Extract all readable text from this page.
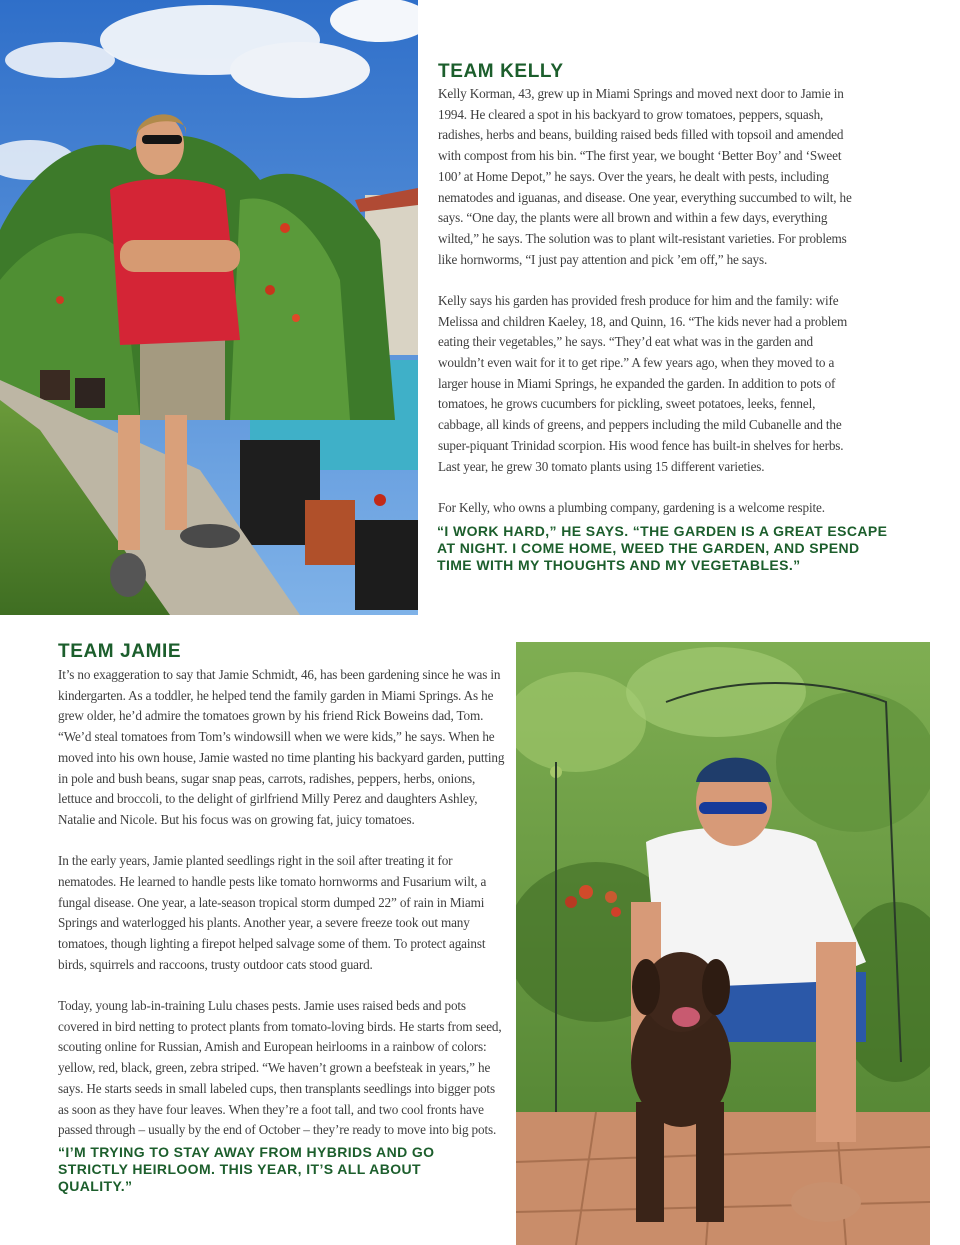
TEAM KELLY

Kelly Korman, 43, grew up in Miami Springs and moved next door to Jamie in 1994. He cleared a spot in his backyard to grow tomatoes, peppers, squash, radishes, herbs and beans, building raised beds filled with topsoil and amended with compost from his bin. “The first year, we bought ‘Better Boy’ and ‘Sweet 100’ at Home Depot,” he says. Over the years, he dealt with pests, including nematodes and iguanas, and disease. One year, everything succumbed to wilt, he says. “One day, the plants were all brown and within a few days, everything wilted,” he says. The solution was to plant wilt-resistant varieties. For problems like hornworms, “I just pay attention and pick ’em off,” he says.

Kelly says his garden has provided fresh produce for him and the family: wife Melissa and children Kaeley, 18, and Quinn, 16. “The kids never had a problem eating their vegetables,” he says. “They’d eat what was in the garden and wouldn’t even wait for it to get ripe.” A few years ago, when they moved to a larger house in Miami Springs, he expanded the garden. In addition to pots of tomatoes, he grows cucumbers for pickling, sweet potatoes, leeks, fennel, cabbage, all kinds of greens, and peppers including the mild Cubanelle and the super-piquant Trinidad scorpion. His wood fence has built-in shelves for herbs. Last year, he grew 30 tomato plants using 15 different varieties.

For Kelly, who owns a plumbing company, gardening is a welcome respite.

“I WORK HARD,” HE SAYS. “THE GARDEN IS A GREAT ESCAPE AT NIGHT. I COME HOME, WEED THE GARDEN, AND SPEND TIME WITH MY THOUGHTS AND MY VEGETABLES.”

TEAM JAMIE

It’s no exaggeration to say that Jamie Schmidt, 46, has been gardening since he was in kindergarten. As a toddler, he helped tend the family garden in Miami Springs. As he grew older, he’d admire the tomatoes grown by his friend Rick Boweins dad, Tom. “We’d steal tomatoes from Tom’s windowsill when we were kids,” he says. When he moved into his own house, Jamie wasted no time planting his backyard garden, putting in pole and bush beans, sugar snap peas, carrots, radishes, peppers, herbs, onions, lettuce and broccoli, to the delight of girlfriend Milly Perez and daughters Ashley, Natalie and Nicole. But his focus was on growing fat, juicy tomatoes.

In the early years, Jamie planted seedlings right in the soil after treating it for nematodes. He learned to handle pests like tomato hornworms and Fusarium wilt, a fungal disease. One year, a late-season tropical storm dumped 22” of rain in Miami Springs and waterlogged his plants. Another year, a severe freeze took out many tomatoes, though lighting a firepot helped salvage some of them. To protect against birds, squirrels and raccoons, trusty outdoor cats stood guard.

Today, young lab-in-training Lulu chases pests. Jamie uses raised beds and pots covered in bird netting to protect plants from tomato-loving birds. He starts from seed, scouting online for Russian, Amish and European heirlooms in a rainbow of colors: yellow, red, black, green, zebra striped. “We haven’t grown a beefsteak in years,” he says. He starts seeds in small labeled cups, then transplants seedlings into bigger pots as soon as they have four leaves. When they’re a foot tall, and two cool fronts have passed through – usually by the end of October – they’re ready to move into big pots.

“I’M TRYING TO STAY AWAY FROM HYBRIDS AND GO STRICTLY HEIRLOOM. THIS YEAR, IT’S ALL ABOUT QUALITY.”
